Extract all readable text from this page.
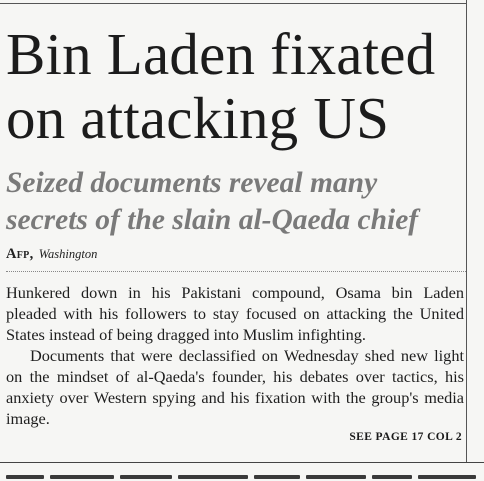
Bin Laden fixated
on attacking US
Seized documents reveal many
secrets of the slain al-Qaeda chief
Afp, Washington

Hunkered down in his Pakistani compound, Osama bin Laden pleaded with his followers to stay focused on attacking the United States instead of being dragged into Muslim infighting.

Documents that were declassified on Wednesday shed new light on the mindset of al-Qaeda's founder, his debates over tactics, his anxiety over Western spying and his fixation with the group's media image.

SEE PAGE 17 COL 2
